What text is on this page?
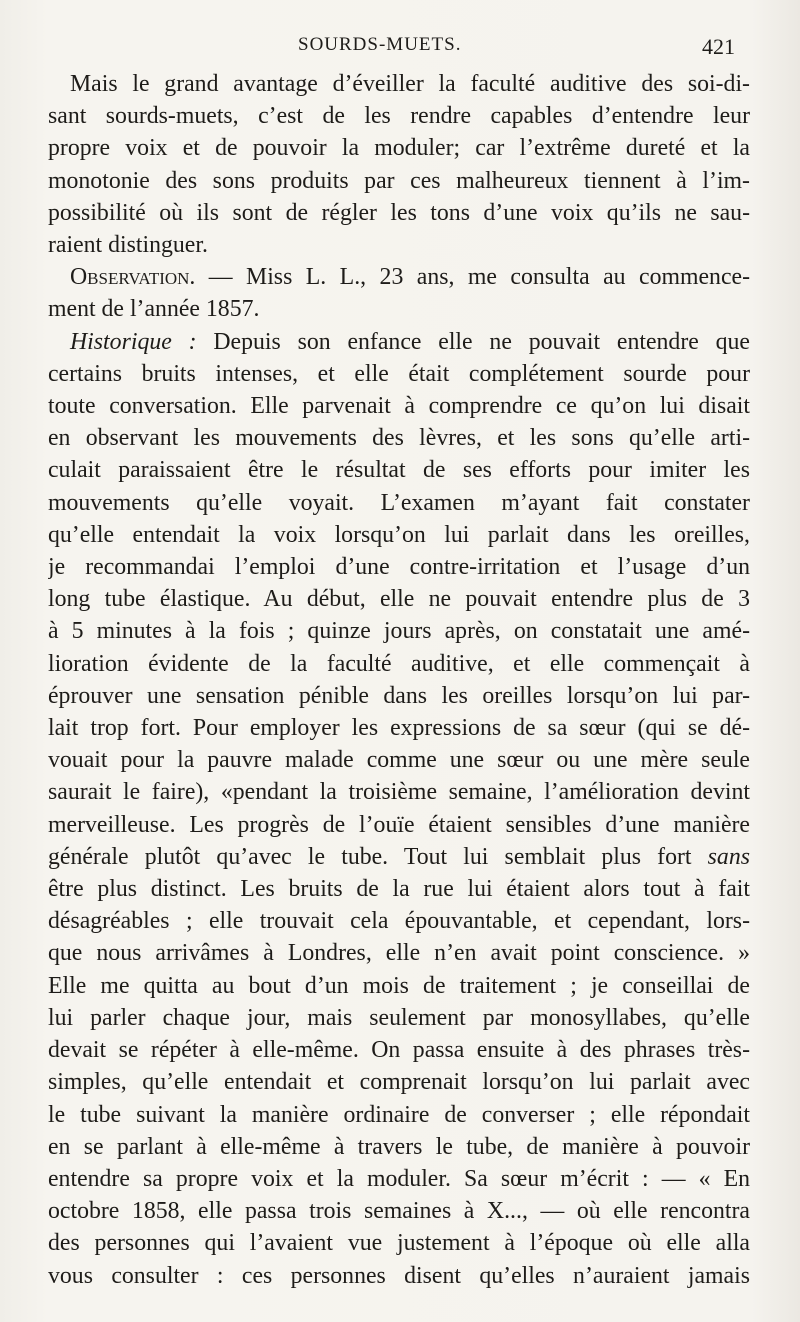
SOURDS-MUETS.	421
Mais le grand avantage d’éveiller la faculté auditive des soi-di-
sant sourds-muets, c’est de les rendre capables d’entendre leur
propre voix et de pouvoir la moduler; car l’extrême dureté et la
monotonie des sons produits par ces malheureux tiennent à l’im-
possibilité où ils sont de régler les tons d’une voix qu’ils ne sau-
raient distinguer.
Observation. — Miss L. L., 23 ans, me consulta au commence-
ment de l’année 1857.
Historique : Depuis son enfance elle ne pouvait entendre que
certains bruits intenses, et elle était complétement sourde pour
toute conversation. Elle parvenait à comprendre ce qu’on lui disait
en observant les mouvements des lèvres, et les sons qu’elle arti-
culait paraissaient être le résultat de ses efforts pour imiter les
mouvements qu’elle voyait. L’examen m’ayant fait constater
qu’elle entendait la voix lorsqu’on lui parlait dans les oreilles,
je recommandai l’emploi d’une contre-irritation et l’usage d’un
long tube élastique. Au début, elle ne pouvait entendre plus de 3
à 5 minutes à la fois ; quinze jours après, on constatait une amé-
lioration évidente de la faculté auditive, et elle commençait à
éprouver une sensation pénible dans les oreilles lorsqu’on lui par-
lait trop fort. Pour employer les expressions de sa sœur (qui se dé-
vouait pour la pauvre malade comme une sœur ou une mère seule
saurait le faire), «pendant la troisième semaine, l’amélioration devint
merveilleuse. Les progrès de l’ouïe étaient sensibles d’une manière
générale plutôt qu’avec le tube. Tout lui semblait plus fort sans
être plus distinct. Les bruits de la rue lui étaient alors tout à fait
désagréables ; elle trouvait cela épouvantable, et cependant, lors-
que nous arrivâmes à Londres, elle n’en avait point conscience. »
Elle me quitta au bout d’un mois de traitement ; je conseillai de
lui parler chaque jour, mais seulement par monosyllabes, qu’elle
devait se répéter à elle-même. On passa ensuite à des phrases très-
simples, qu’elle entendait et comprenait lorsqu’on lui parlait avec
le tube suivant la manière ordinaire de converser ; elle répondait
en se parlant à elle-même à travers le tube, de manière à pouvoir
entendre sa propre voix et la moduler. Sa sœur m’écrit : — « En
octobre 1858, elle passa trois semaines à X..., — où elle rencontra
des personnes qui l’avaient vue justement à l’époque où elle alla
vous consulter : ces personnes disent qu’elles n’auraient jamais
